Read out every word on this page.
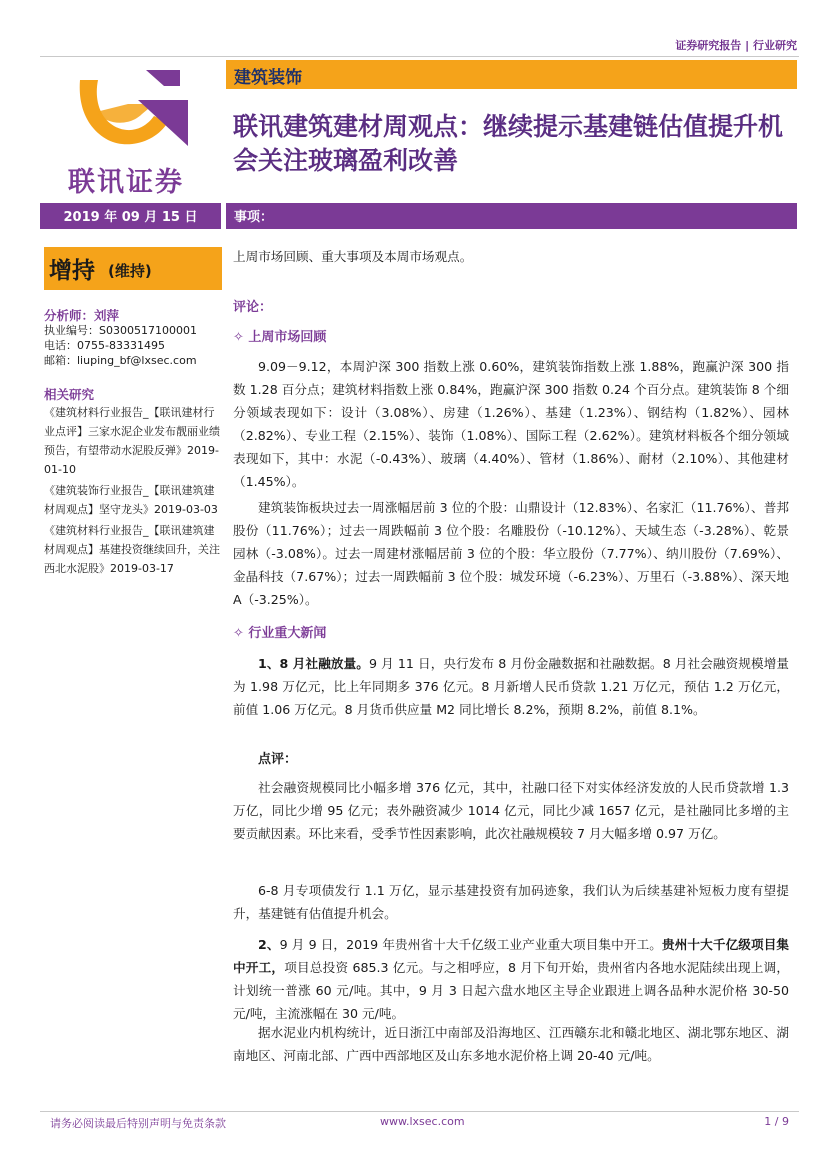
证券研究报告 | 行业研究
联讯证券
建筑装饰
联讯建筑建材周观点：继续提示基建链估值提升机会关注玻璃盈利改善
2019 年 09 月 15 日	事项：
增持 (维持)
分析师：刘萍
执业编号：S0300517100001
电话：0755-83331495
邮箱：liuping_bf@lxsec.com
相关研究
《建筑材料行业报告_【联讯建材行业点评】三家水泥企业发布靓丽业绩预告，有望带动水泥股反弹》2019-01-10
《建筑装饰行业报告_【联讯建筑建材周观点】坚守龙头》2019-03-03
《建筑材料行业报告_【联讯建筑建材周观点】基建投资继续回升，关注西北水泥股》2019-03-17
上周市场回顾、重大事项及本周市场观点。
评论：
✧ 上周市场回顾
9.09－9.12，本周沪深 300 指数上涨 0.60%，建筑装饰指数上涨 1.88%，跑赢沪深 300 指数 1.28 百分点；建筑材料指数上涨 0.84%，跑赢沪深 300 指数 0.24 个百分点。建筑装饰 8 个细分领域表现如下：设计（3.08%）、房建（1.26%）、基建（1.23%）、钢结构（1.82%）、园林（2.82%）、专业工程（2.15%）、装饰（1.08%）、国际工程（2.62%）。建筑材料板各个细分领域表现如下，其中：水泥（-0.43%）、玻璃（4.40%）、管材（1.86%）、耐材（2.10%）、其他建材（1.45%）。
建筑装饰板块过去一周涨幅居前 3 位的个股：山鼎设计（12.83%）、名家汇（11.76%）、普邦股份（11.76%）；过去一周跌幅前 3 位个股：名雕股份（-10.12%）、天域生态（-3.28%）、乾景园林（-3.08%）。过去一周建材涨幅居前 3 位的个股：华立股份（7.77%）、纳川股份（7.69%）、金晶科技（7.67%）；过去一周跌幅前 3 位个股：城发环境（-6.23%）、万里石（-3.88%）、深天地 A（-3.25%）。
✧ 行业重大新闻
1、8 月社融放量。9 月 11 日，央行发布 8 月份金融数据和社融数据。8 月社会融资规模增量为 1.98 万亿元，比上年同期多 376 亿元。8 月新增人民币贷款 1.21 万亿元，预估 1.2 万亿元，前值 1.06 万亿元。8 月货币供应量 M2 同比增长 8.2%，预期 8.2%，前值 8.1%。
点评：
社会融资规模同比小幅多增 376 亿元，其中，社融口径下对实体经济发放的人民币贷款增 1.3 万亿，同比少增 95 亿元；表外融资减少 1014 亿元，同比少减 1657 亿元，是社融同比多增的主要贡献因素。环比来看，受季节性因素影响，此次社融规模较 7 月大幅多增 0.97 万亿。
6-8 月专项债发行 1.1 万亿，显示基建投资有加码迹象，我们认为后续基建补短板力度有望提升，基建链有估值提升机会。
2、9 月 9 日，2019 年贵州省十大千亿级工业产业重大项目集中开工。贵州十大千亿级项目集中开工，项目总投资 685.3 亿元。与之相呼应，8 月下旬开始，贵州省内各地水泥陆续出现上调，计划统一普涨 60 元/吨。其中，9 月 3 日起六盘水地区主导企业跟进上调各品种水泥价格 30-50 元/吨，主流涨幅在 30 元/吨。
据水泥业内机构统计，近日浙江中南部及沿海地区、江西赣东北和赣北地区、湖北鄂东地区、湖南地区、河南北部、广西中西部地区及山东多地水泥价格上调 20-40 元/吨。
请务必阅读最后特别声明与免责条款	www.lxsec.com	1 / 9
